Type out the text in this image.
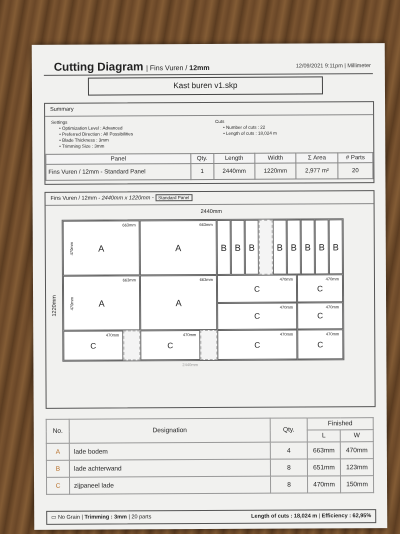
Cutting Diagram | Fins Vuren / 12mm	12/09/2021 9:11pm | Millimeter
Kast buren v1.skp
Summary
Settings
• Optimization Level : Advanced
• Preferred Direction : All Possibilities
• Blade Thickness : 3mm
• Trimming Size : 3mm
Cuts
• Number of cuts : 22
• Length of cuts : 18,024 m
Panel	Qty.	Length	Width	Σ Area	# Parts
Fins Vuren / 12mm - Standard Panel	1	2440mm	1220mm	2,977 m²	20
Fins Vuren / 12mm - 2440mm x 1220mm - Standard Panel
2440mm
1220mm
A
663mm
470mm	A
663mm
A
663mm
470mm	A
663mm
B B B B B B B B
C
470mm
C
470mm
C
470mm
C
470mm
C
470mm
C
470mm
C
470mm
C
470mm
2440mm
No.	Designation	Qty.	Finished	
			L	W
A	lade bodem	4	663mm	470mm
B	lade achterwand	8	651mm	123mm
C	zijpaneel lade	8	470mm	150mm
▭ No Grain | Trimming : 3mm | 20 parts	Length of cuts : 18,024 m | Efficiency : 62,95%
